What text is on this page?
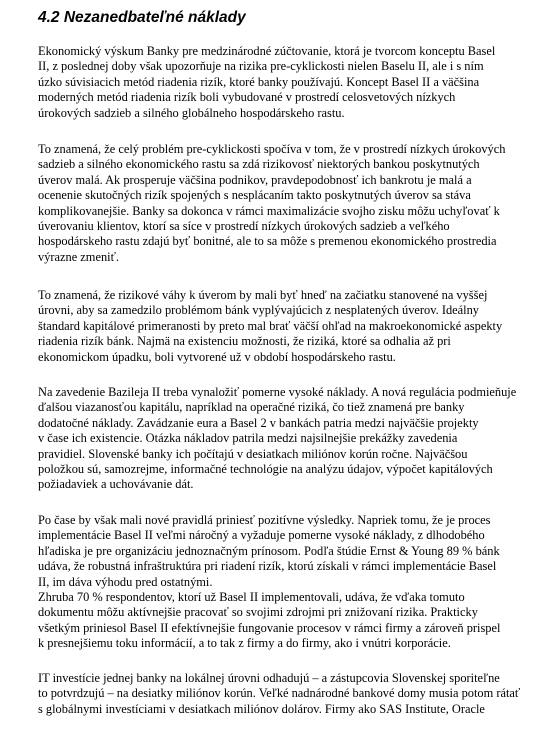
4.2 Nezanedbateľné náklady

Ekonomický výskum Banky pre medzinárodné zúčtovanie, ktorá je tvorcom konceptu Basel
II, z poslednej doby však upozorňuje na rizika pre-cyklickosti nielen Baselu II, ale i s ním
úzko súvisiacich metód riadenia rizík, ktoré banky používajú. Koncept Basel II a väčšina
moderných metód riadenia rizík boli vybudované v prostredí celosvetových nízkych
úrokových sadzieb a silného globálneho hospodárskeho rastu.

To znamená, že celý problém pre-cyklickosti spočíva v tom, že v prostredí nízkych úrokových
sadzieb a silného ekonomického rastu sa zdá rizikovosť niektorých bankou poskytnutých
úverov malá. Ak prosperuje väčšina podnikov, pravdepodobnosť ich bankrotu je malá a
ocenenie skutočných rizík spojených s nesplácaním takto poskytnutých úverov sa stáva
komplikovanejšie. Banky sa dokonca v rámci maximalizácie svojho zisku môžu uchyľovať k
úverovaniu klientov, ktorí sa síce v prostredí nízkych úrokových sadzieb a veľkého
hospodárskeho rastu zdajú byť bonitné, ale to sa môže s premenou ekonomického prostredia
výrazne zmeniť.

To znamená, že rizikové váhy k úverom by mali byť hneď na začiatku stanovené na vyššej
úrovni, aby sa zamedzilo problémom bánk vyplývajúcich z nesplatených úverov. Ideálny
štandard kapitálové primeranosti by preto mal brať väčší ohľad na makroekonomické aspekty
riadenia rizík bánk. Najmä na existenciu možnosti, že riziká, ktoré sa odhalia až pri
ekonomickom úpadku, boli vytvorené už v období hospodárskeho rastu.

Na zavedenie Bazileja II treba vynaložiť pomerne vysoké náklady. A nová regulácia podmieňuje
ďalšou viazanosťou kapitálu, napríklad na operačné riziká, čo tiež znamená pre banky
dodatočné náklady. Zavádzanie eura a Basel 2 v bankách patria medzi najväčšie projekty
v čase ich existencie. Otázka nákladov patrila medzi najsilnejšie prekážky zavedenia
pravidiel. Slovenské banky ich počítajú v desiatkach miliónov korún ročne. Najväčšou
položkou sú, samozrejme, informačné technológie na analýzu údajov, výpočet kapitálových
požiadaviek a uchovávanie dát.

Po čase by však mali nové pravidlá priniesť pozitívne výsledky. Napriek tomu, že je proces
implementácie Basel II veľmi náročný a vyžaduje pomerne vysoké náklady, z dlhodobého
hľadiska je pre organizáciu jednoznačným prínosom. Podľa štúdie Ernst & Young 89 % bánk
udáva, že robustná infraštruktúra pri riadení rizík, ktorú získali v rámci implementácie Basel
II, im dáva výhodu pred ostatnými.
Zhruba 70 % respondentov, ktorí už Basel II implementovali, udáva, že vďaka tomuto
dokumentu môžu aktívnejšie pracovať so svojimi zdrojmi pri znižovaní rizika. Prakticky
všetkým priniesol Basel II efektívnejšie fungovanie procesov v rámci firmy a zároveň prispel
k presnejšiemu toku informácií, a to tak z firmy a do firmy, ako i vnútri korporácie.

IT investície jednej banky na lokálnej úrovni odhadujú – a zástupcovia Slovenskej sporiteľne
to potvrdzujú – na desiatky miliónov korún. Veľké nadnárodné bankové domy musia potom rátať
s globálnymi investíciami v desiatkach miliónov dolárov. Firmy ako SAS Institute, Oracle
